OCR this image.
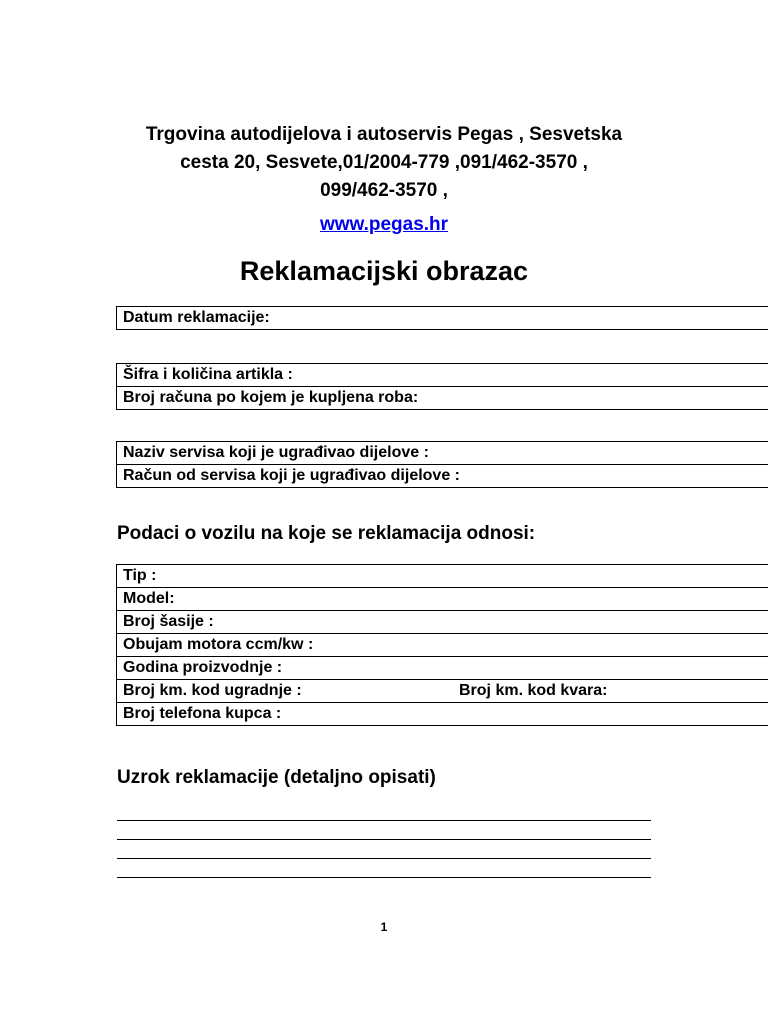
Trgovina autodijelova i autoservis Pegas , Sesvetska
cesta 20, Sesvete,01/2004-779 ,091/462-3570 ,
099/462-3570 ,
www.pegas.hr
Reklamacijski obrazac
Datum reklamacije:
Šifra i količina artikla :
Broj računa po kojem je kupljena roba:
Naziv servisa koji je ugrađivao dijelove :
Račun od servisa koji je ugrađivao dijelove :
Podaci o vozilu na koje se reklamacija odnosi:
Tip :
Model:
Broj šasije :
Obujam motora ccm/kw :
Godina proizvodnje :
Broj km. kod ugradnje :	Broj km. kod kvara:
Broj telefona kupca :
Uzrok reklamacije (detaljno opisati)
1
